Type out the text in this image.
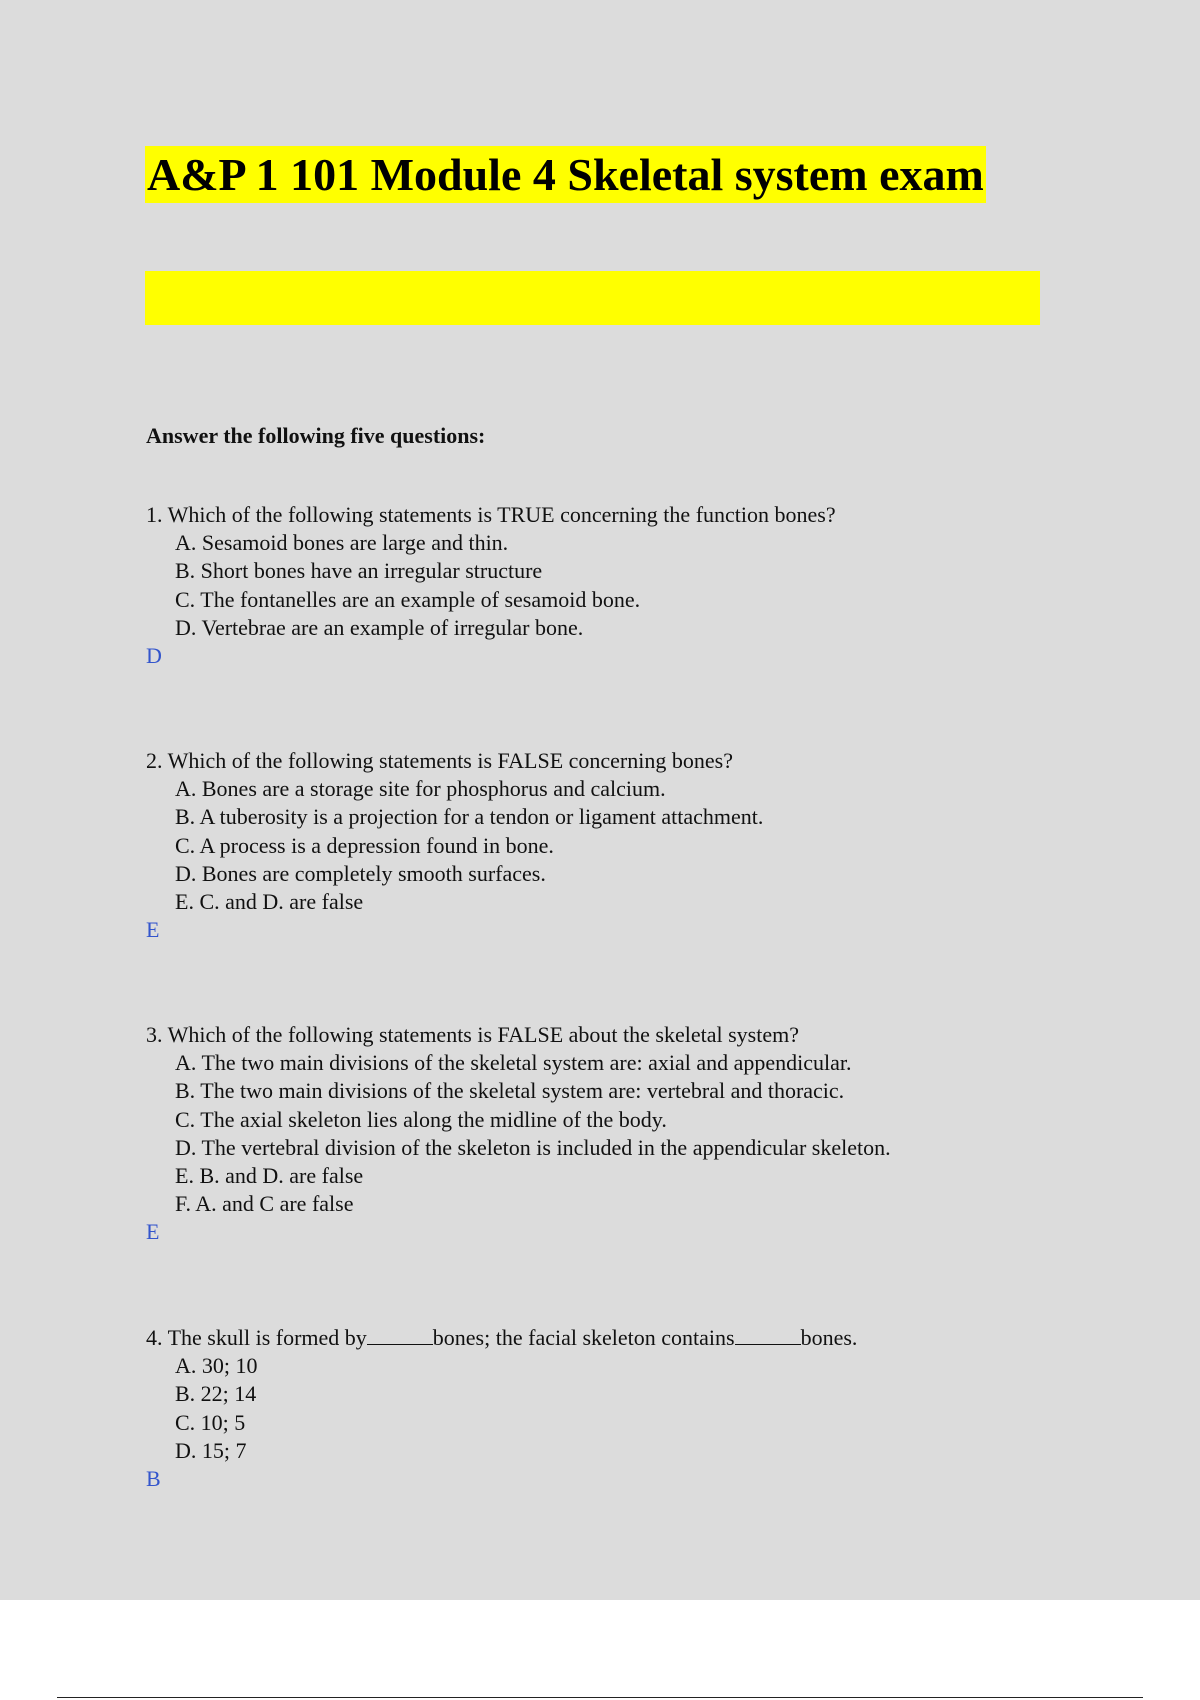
A&P 1 101 Module 4 Skeletal system exam
Answer the following five questions:
1. Which of the following statements is TRUE concerning the function bones?
A. Sesamoid bones are large and thin.
B. Short bones have an irregular structure
C. The fontanelles are an example of sesamoid bone.
D. Vertebrae are an example of irregular bone.
D
2. Which of the following statements is FALSE concerning bones?
A. Bones are a storage site for phosphorus and calcium.
B. A tuberosity is a projection for a tendon or ligament attachment.
C. A process is a depression found in bone.
D. Bones are completely smooth surfaces.
E. C. and D. are false
E
3. Which of the following statements is FALSE about the skeletal system?
A. The two main divisions of the skeletal system are: axial and appendicular.
B. The two main divisions of the skeletal system are: vertebral and thoracic.
C. The axial skeleton lies along the midline of the body.
D. The vertebral division of the skeleton is included in the appendicular skeleton.
E. B. and D. are false
F. A. and C are false
E
4. The skull is formed by	bones; the facial skeleton contains	bones.
A. 30; 10
B. 22; 14
C. 10; 5
D. 15; 7
B
